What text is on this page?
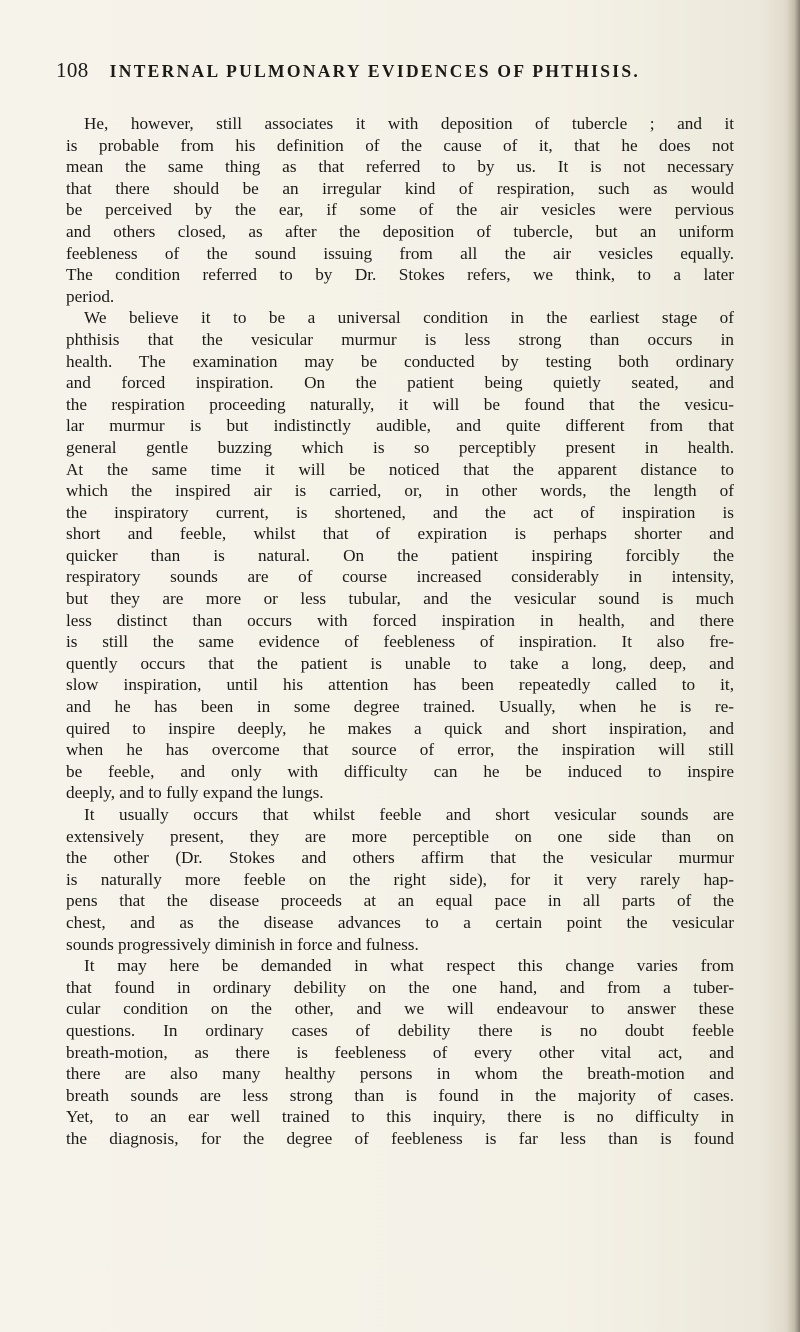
108 INTERNAL PULMONARY EVIDENCES OF PHTHISIS.
He, however, still associates it with deposition of tubercle ; and it
is probable from his definition of the cause of it, that he does not
mean the same thing as that referred to by us. It is not necessary
that there should be an irregular kind of respiration, such as would
be perceived by the ear, if some of the air vesicles were pervious
and others closed, as after the deposition of tubercle, but an uniform
feebleness of the sound issuing from all the air vesicles equally.
The condition referred to by Dr. Stokes refers, we think, to a later
period.
We believe it to be a universal condition in the earliest stage of
phthisis that the vesicular murmur is less strong than occurs in
health. The examination may be conducted by testing both ordinary
and forced inspiration. On the patient being quietly seated, and
the respiration proceeding naturally, it will be found that the vesicu-
lar murmur is but indistinctly audible, and quite different from that
general gentle buzzing which is so perceptibly present in health.
At the same time it will be noticed that the apparent distance to
which the inspired air is carried, or, in other words, the length of
the inspiratory current, is shortened, and the act of inspiration is
short and feeble, whilst that of expiration is perhaps shorter and
quicker than is natural. On the patient inspiring forcibly the
respiratory sounds are of course increased considerably in intensity,
but they are more or less tubular, and the vesicular sound is much
less distinct than occurs with forced inspiration in health, and there
is still the same evidence of feebleness of inspiration. It also fre-
quently occurs that the patient is unable to take a long, deep, and
slow inspiration, until his attention has been repeatedly called to it,
and he has been in some degree trained. Usually, when he is re-
quired to inspire deeply, he makes a quick and short inspiration, and
when he has overcome that source of error, the inspiration will still
be feeble, and only with difficulty can he be induced to inspire
deeply, and to fully expand the lungs.
It usually occurs that whilst feeble and short vesicular sounds are
extensively present, they are more perceptible on one side than on
the other (Dr. Stokes and others affirm that the vesicular murmur
is naturally more feeble on the right side), for it very rarely hap-
pens that the disease proceeds at an equal pace in all parts of the
chest, and as the disease advances to a certain point the vesicular
sounds progressively diminish in force and fulness.
It may here be demanded in what respect this change varies from
that found in ordinary debility on the one hand, and from a tuber-
cular condition on the other, and we will endeavour to answer these
questions. In ordinary cases of debility there is no doubt feeble
breath-motion, as there is feebleness of every other vital act, and
there are also many healthy persons in whom the breath-motion and
breath sounds are less strong than is found in the majority of cases.
Yet, to an ear well trained to this inquiry, there is no difficulty in
the diagnosis, for the degree of feebleness is far less than is found
